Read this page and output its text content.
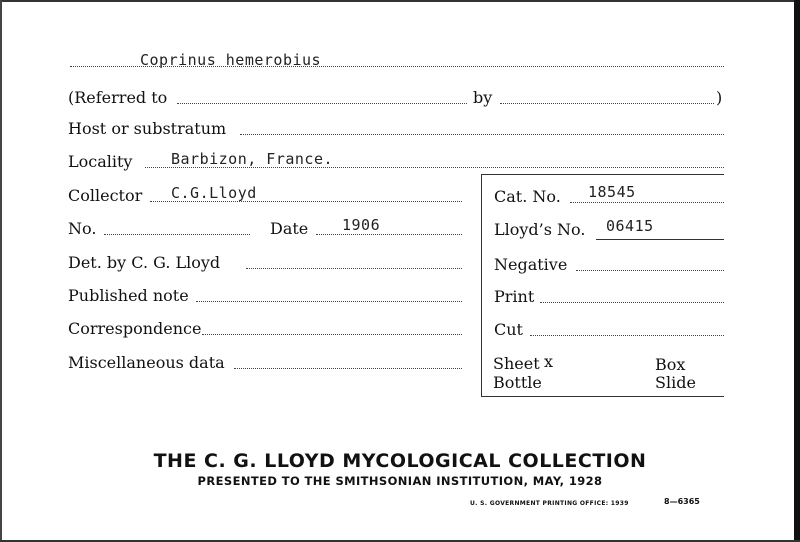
Coprinus hemerobius
(Referred to	by	)
Host or substratum
Locality	Barbizon, France.
Collector C.G.Lloyd
No.	Date 1906
Det. by C. G. Lloyd
Published note
Correspondence
Miscellaneous data
Cat. No. 18545
Lloyd’s No. 06415
Negative
Print
Cut
Sheet x	Box
Bottle	Slide
THE C. G. LLOYD MYCOLOGICAL COLLECTION
PRESENTED TO THE SMITHSONIAN INSTITUTION, MAY, 1928
U. S. GOVERNMENT PRINTING OFFICE: 1939	8—6365
